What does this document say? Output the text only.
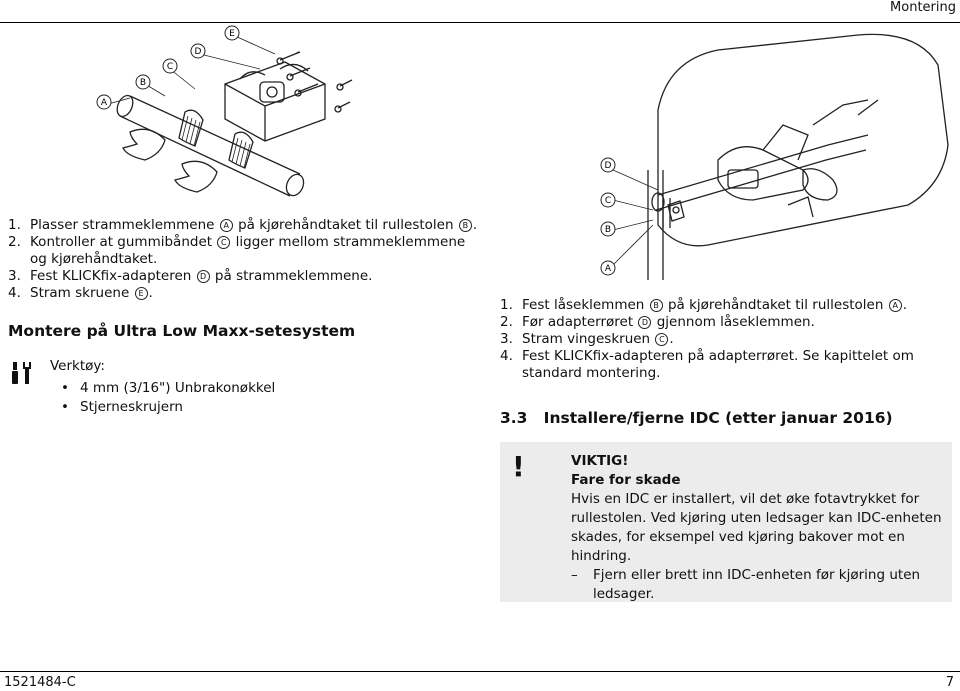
Montering
1521484-C	7
A
B
C
D
E
1. Plasser strammeklemmene A på kjørehåndtaket til rullestolen B .
2. Kontroller at gummibåndet C ligger mellom strammeklemmene og kjørehåndtaket.
3. Fest KLICKfix-adapteren D på strammeklemmene.
4. Stram skruene E .
Montere på Ultra Low Maxx-setesystem
Verktøy:
• 4 mm (3/16") Unbrakonøkkel
• Stjerneskrujern
D
C
B
A
1. Fest låseklemmen B på kjørehåndtaket til rullestolen A .
2. Før adapterrøret D gjennom låseklemmen.
3. Stram vingeskruen C .
4. Fest KLICKfix-adapteren på adapterrøret. Se kapittelet om standard montering.
3.3 Installere/fjerne IDC (etter januar 2016)
!	VIKTIG!
Fare for skade
Hvis en IDC er installert, vil det øke fotavtrykket for rullestolen. Ved kjøring uten ledsager kan IDC-enheten skades, for eksempel ved kjøring bakover mot en hindring.
–	Fjern eller brett inn IDC-enheten før kjøring uten ledsager.
